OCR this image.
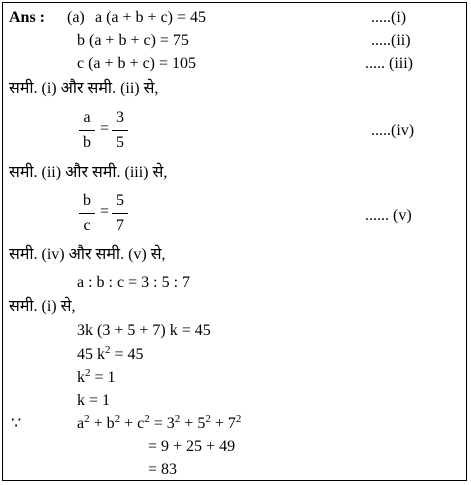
Ans : (a) a (a + b + c) = 45	.....(i)
b (a + b + c) = 75	.....(ii)
c (a + b + c) = 105	..... (iii)
समी. (i) और समी. (ii) से,
a
b
=
3
5
.....(iv)
समी. (ii) और समी. (iii) से,
b
c
=
5
7
...... (v)
समी. (iv) और समी. (v) से,
a : b : c = 3 : 5 : 7
समी. (i) से,
3k (3 + 5 + 7) k = 45
45 $k^2 = 45$
$k^2 = 1$
k = 1
∵	$a^2 + b^2 + c^2 = 3^2 + 5^2 + 7^2$
= 9 + 25 + 49
= 83
